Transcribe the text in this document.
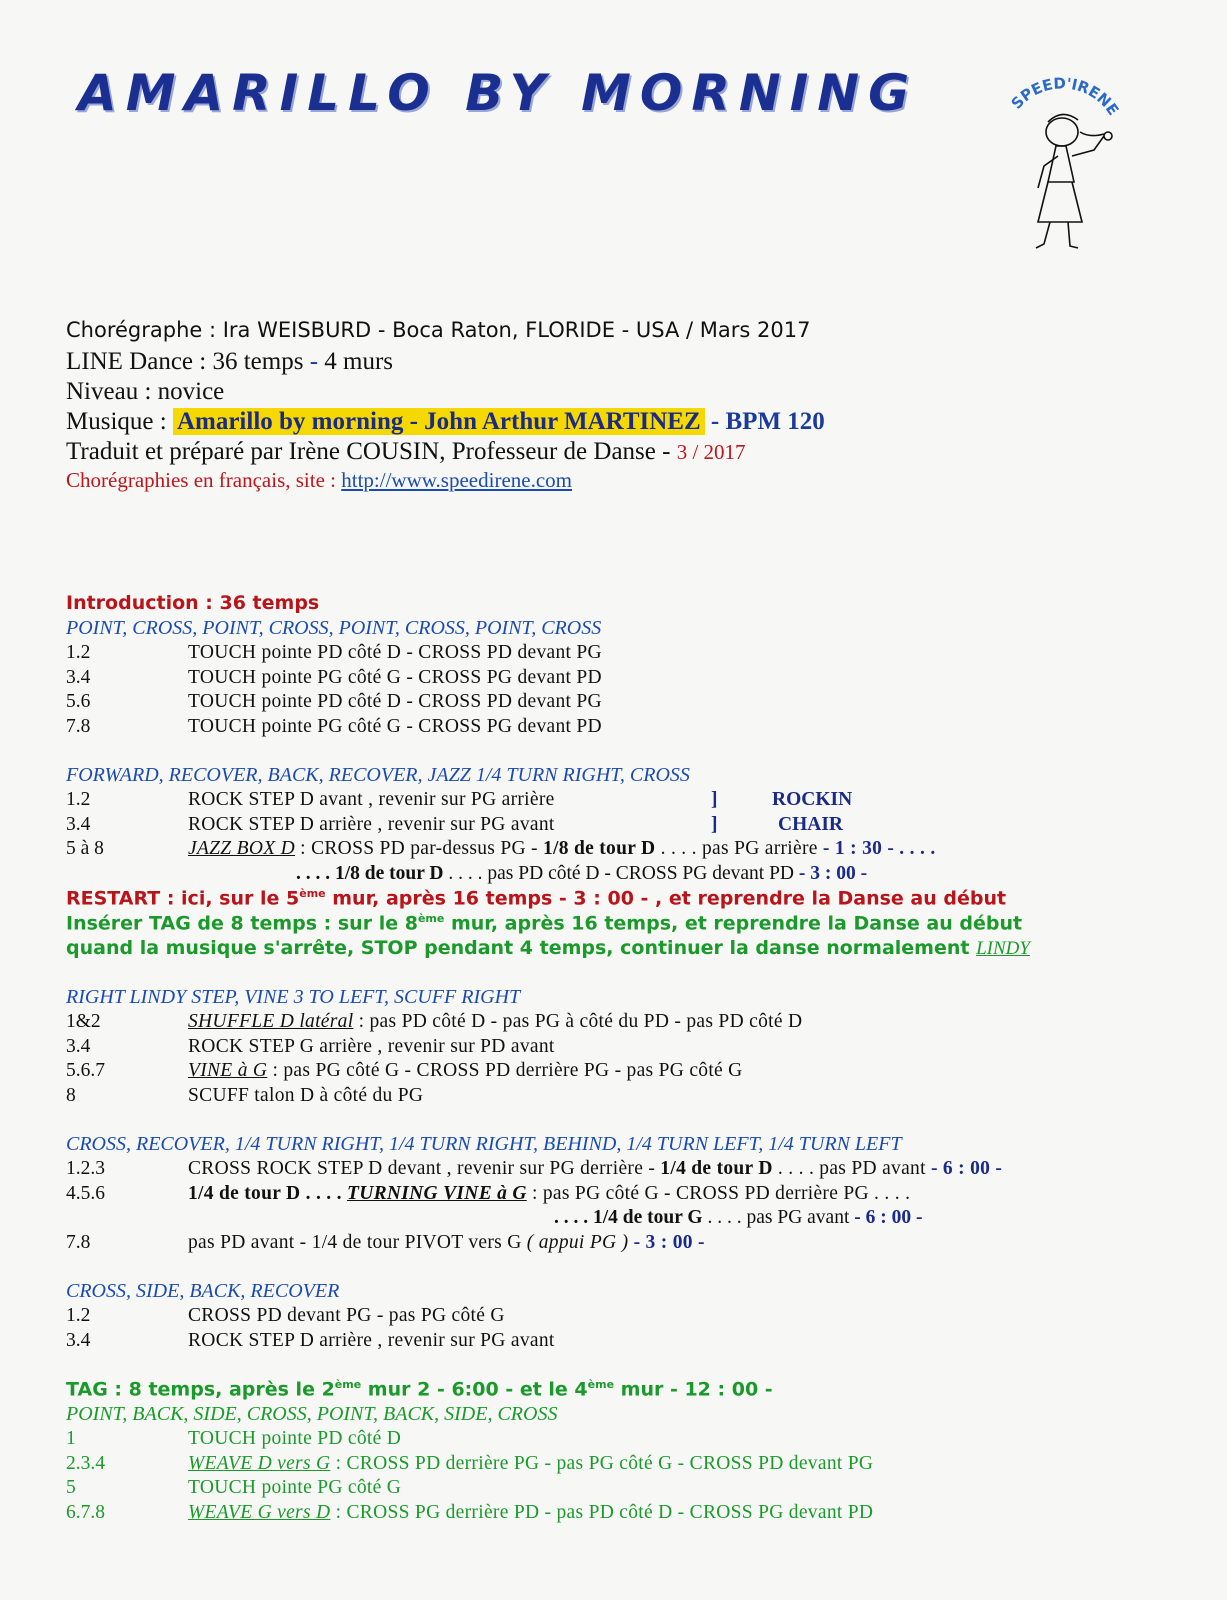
AMARILLO BY MORNING	SPEED'IRENE
Chorégraphe : Ira WEISBURD - Boca Raton, FLORIDE - USA / Mars 2017
LINE Dance : 36 temps - 4 murs
Niveau : novice
Musique : Amarillo by morning - John Arthur MARTINEZ - BPM 120
Traduit et préparé par Irène COUSIN, Professeur de Danse - 3 / 2017
Chorégraphies en français, site : http://www.speedirene.com
Introduction : 36 temps
POINT, CROSS, POINT, CROSS, POINT, CROSS, POINT, CROSS
1.2	TOUCH pointe PD côté D - CROSS PD devant PG
3.4	TOUCH pointe PG côté G - CROSS PG devant PD
5.6	TOUCH pointe PD côté D - CROSS PD devant PG
7.8	TOUCH pointe PG côté G - CROSS PG devant PD
FORWARD, RECOVER, BACK, RECOVER, JAZZ 1/4 TURN RIGHT, CROSS
1.2	ROCK STEP D avant , revenir sur PG arrière	]	ROCKIN
3.4	ROCK STEP D arrière , revenir sur PG avant	]	CHAIR
5 à 8	JAZZ BOX D : CROSS PD par-dessus PG - 1/8 de tour D . . . . pas PG arrière - 1 : 30 - . . . .
. . . . 1/8 de tour D . . . . pas PD côté D - CROSS PG devant PD - 3 : 00 -
RESTART : ici, sur le 5ème mur, après 16 temps - 3 : 00 - , et reprendre la Danse au début
Insérer TAG de 8 temps : sur le 8ème mur, après 16 temps, et reprendre la Danse au début
quand la musique s'arrête, STOP pendant 4 temps, continuer la danse normalement LINDY
RIGHT LINDY STEP, VINE 3 TO LEFT, SCUFF RIGHT
1&2	SHUFFLE D latéral : pas PD côté D - pas PG à côté du PD - pas PD côté D
3.4	ROCK STEP G arrière , revenir sur PD avant
5.6.7	VINE à G : pas PG côté G - CROSS PD derrière PG - pas PG côté G
8	SCUFF talon D à côté du PG
CROSS, RECOVER, 1/4 TURN RIGHT, 1/4 TURN RIGHT, BEHIND, 1/4 TURN LEFT, 1/4 TURN LEFT
1.2.3	CROSS ROCK STEP D devant , revenir sur PG derrière - 1/4 de tour D . . . . pas PD avant - 6 : 00 -
4.5.6	1/4 de tour D . . . . TURNING VINE à G : pas PG côté G - CROSS PD derrière PG . . . .
. . . . 1/4 de tour G . . . . pas PG avant - 6 : 00 -
7.8	pas PD avant - 1/4 de tour PIVOT vers G ( appui PG ) - 3 : 00 -
CROSS, SIDE, BACK, RECOVER
1.2	CROSS PD devant PG - pas PG côté G
3.4	ROCK STEP D arrière , revenir sur PG avant
TAG : 8 temps, après le 2ème mur 2 - 6:00 - et le 4ème mur - 12 : 00 -
POINT, BACK, SIDE, CROSS, POINT, BACK, SIDE, CROSS
1	TOUCH pointe PD côté D
2.3.4	WEAVE D vers G : CROSS PD derrière PG - pas PG côté G - CROSS PD devant PG
5	TOUCH pointe PG côté G
6.7.8	WEAVE G vers D : CROSS PG derrière PD - pas PD côté D - CROSS PG devant PD
